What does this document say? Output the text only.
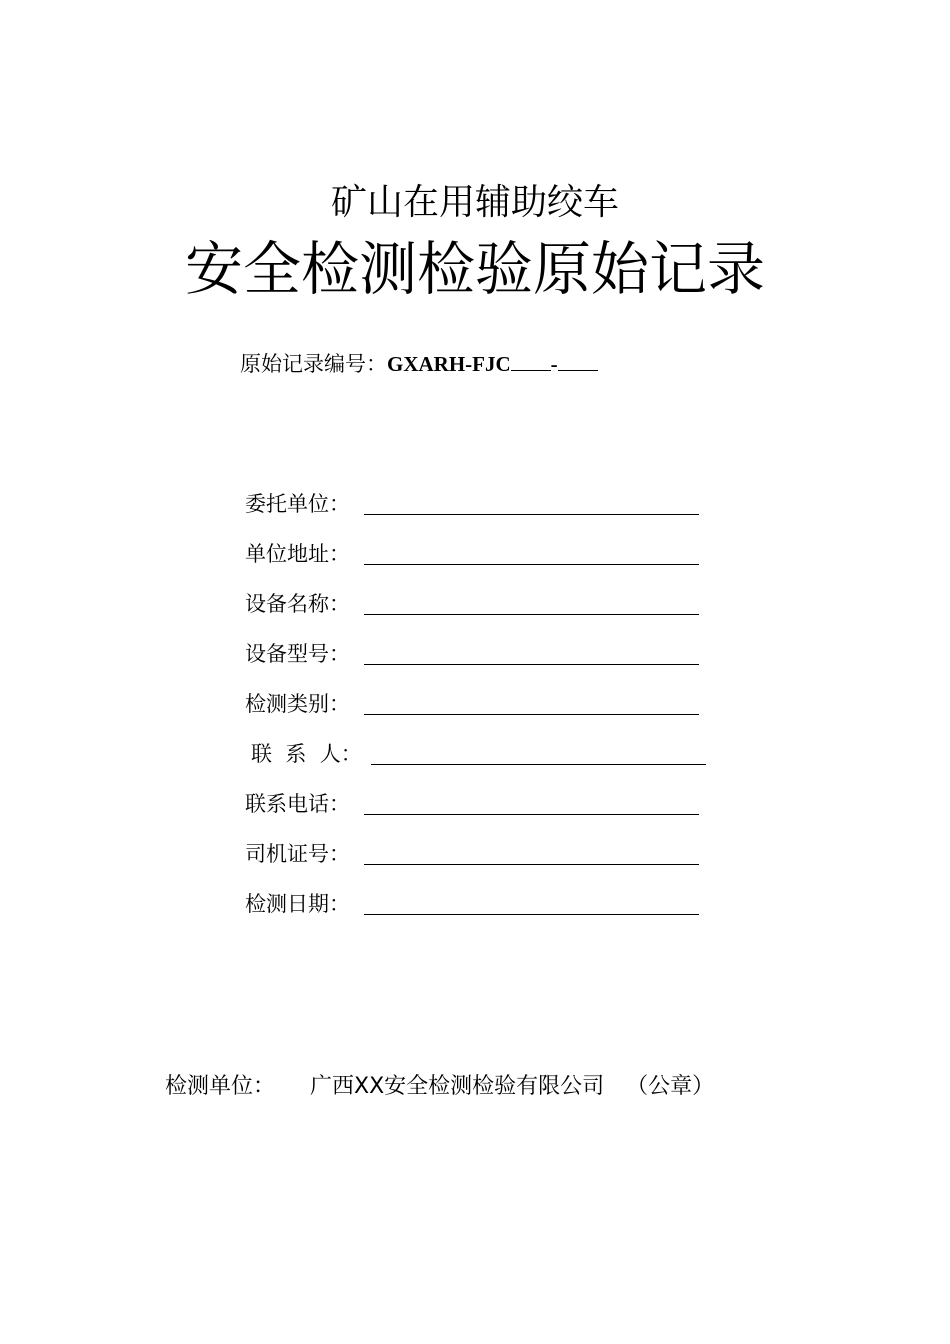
矿山在用辅助绞车
安全检测检验原始记录
原始记录编号：GXARH-FJC -
委托单位：
单位地址：
设备名称：
设备型号：
检测类别：
联  系  人：
联系电话：
司机证号：
检测日期：
检测单位： 广西XX安全检测检验有限公司 （公章）
